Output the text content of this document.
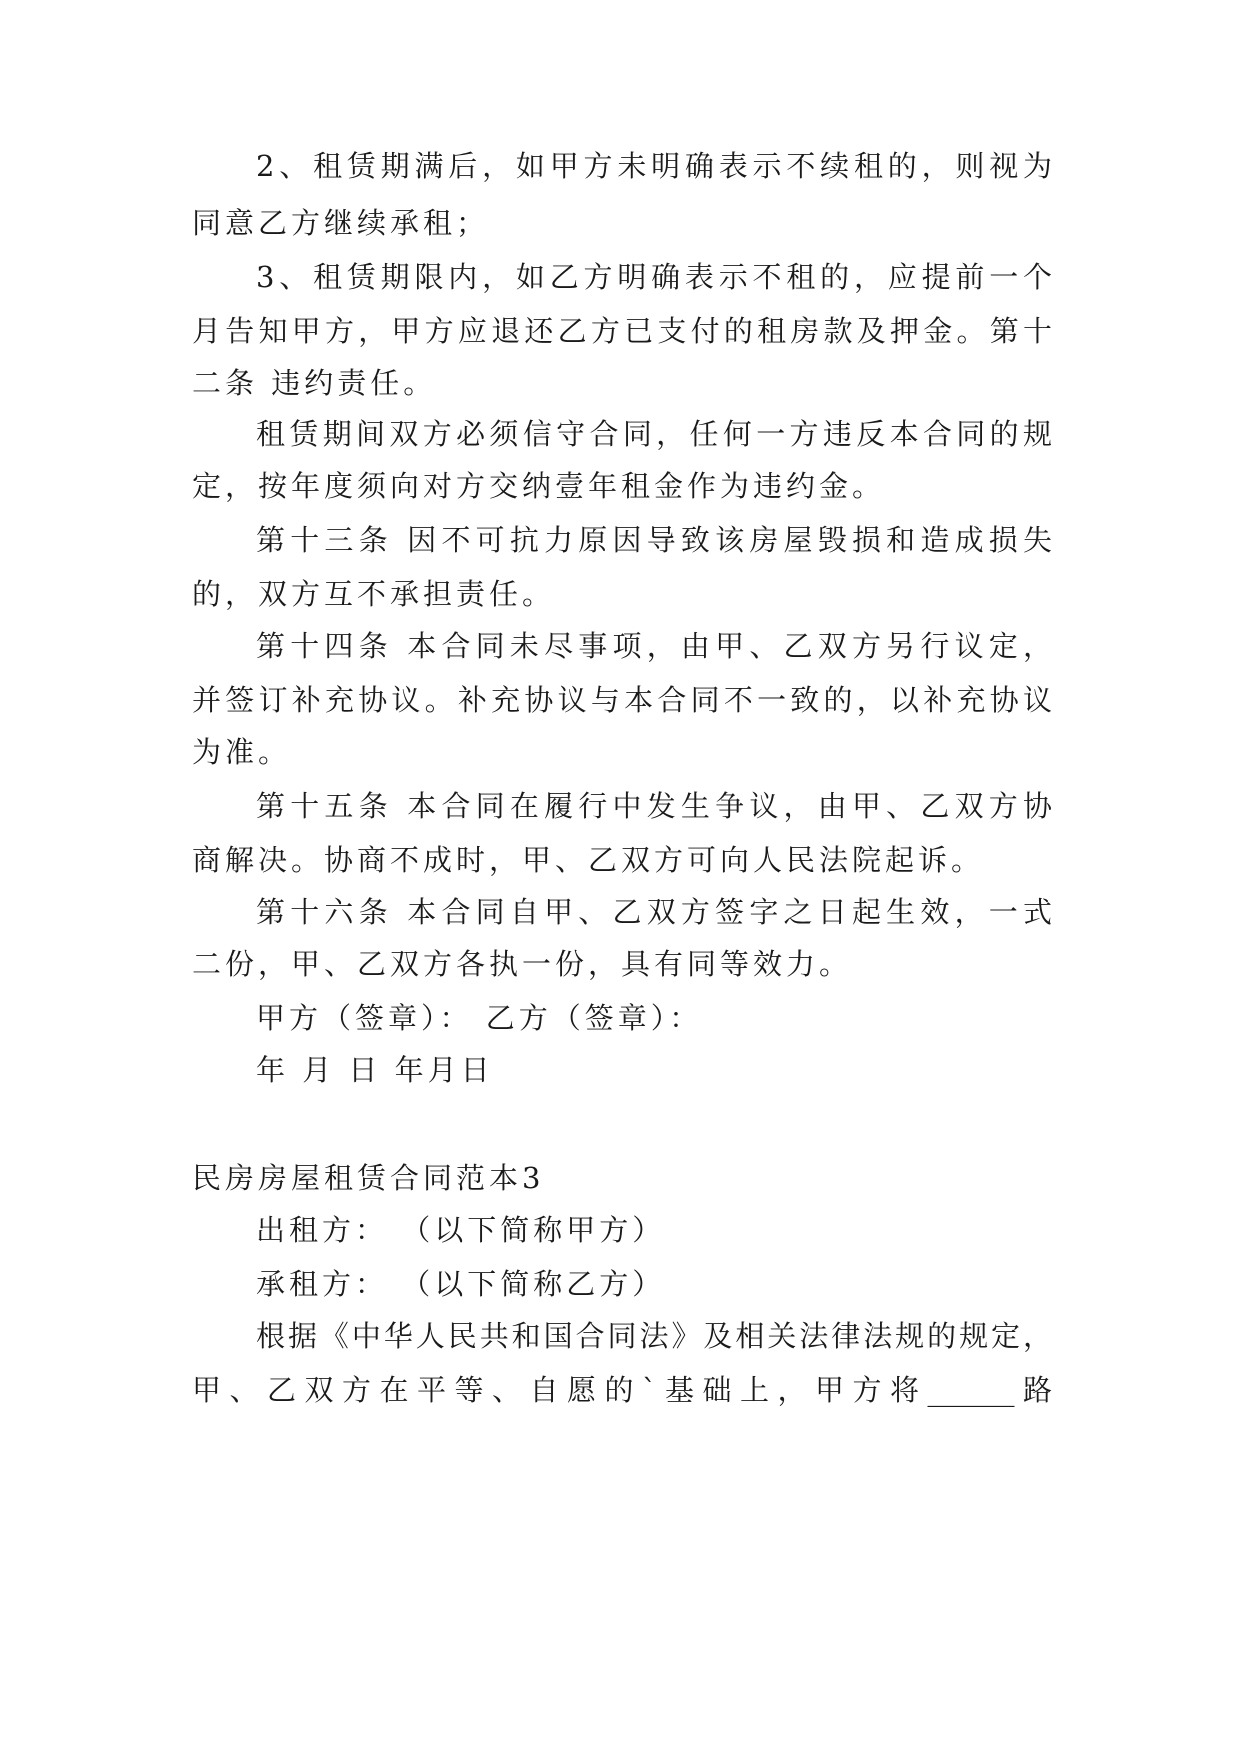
2、租赁期满后，如甲方未明确表示不续租的，则视为
同意乙方继续承租；
3、租赁期限内，如乙方明确表示不租的，应提前一个
月告知甲方，甲方应退还乙方已支付的租房款及押金。第十
二条 违约责任。
租赁期间双方必须信守合同，任何一方违反本合同的规
定，按年度须向对方交纳壹年租金作为违约金。
第十三条 因不可抗力原因导致该房屋毁损和造成损失
的，双方互不承担责任。
第十四条 本合同未尽事项，由甲、乙双方另行议定，
并签订补充协议。补充协议与本合同不一致的，以补充协议
为准。
第十五条 本合同在履行中发生争议，由甲、乙双方协
商解决。协商不成时，甲、乙双方可向人民法院起诉。
第十六条 本合同自甲、乙双方签字之日起生效，一式
二份，甲、乙双方各执一份，具有同等效力。
甲方（签章）： 乙方（签章）：
年 月 日 年月日
民房房屋租赁合同范本3
出租方： （以下简称甲方）
承租方： （以下简称乙方）
根据《中华人民共和国合同法》及相关法律法规的规定，
甲、乙双方在平等、自愿的`基础上，甲方将______路
